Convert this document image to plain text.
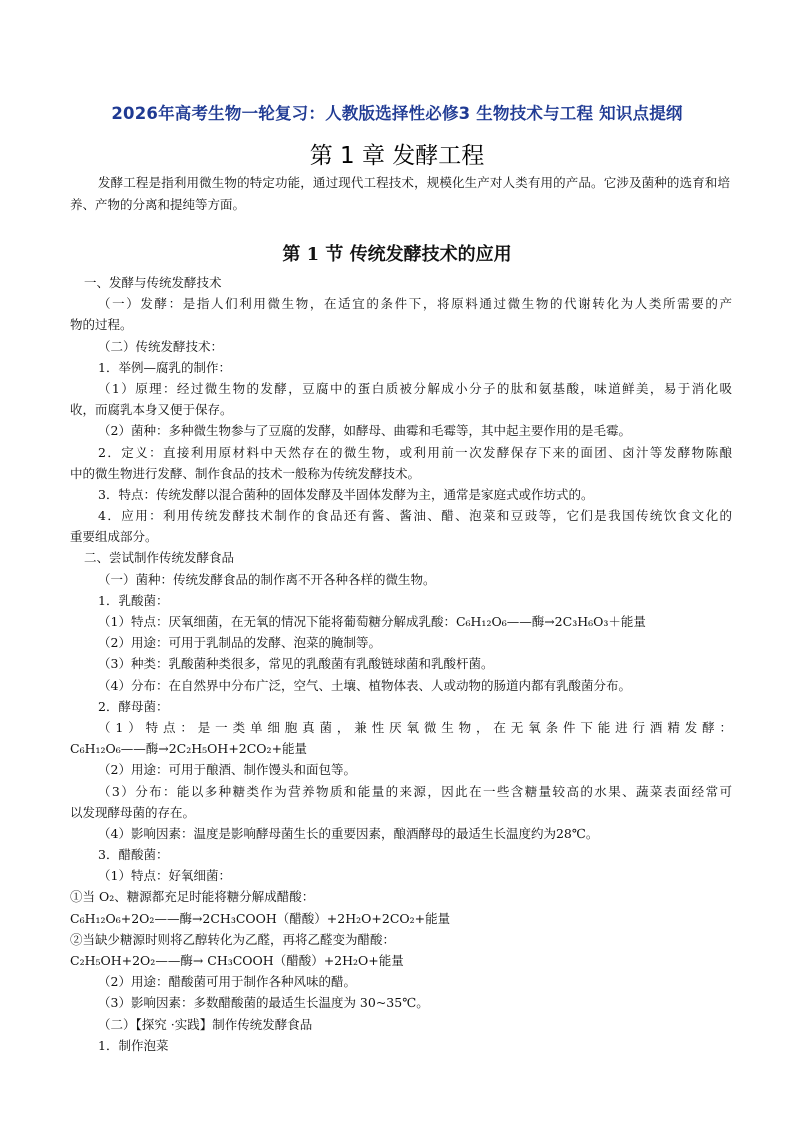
2026年高考生物一轮复习：人教版选择性必修3 生物技术与工程 知识点提纲
第 1 章 发酵工程

发酵工程是指利用微生物的特定功能，通过现代工程技术，规模化生产对人类有用的产品。它涉及菌种的选育和培养、产物的分离和提纯等方面。

第 1 节 传统发酵技术的应用
一、发酵与传统发酵技术
（一）发酵：是指人们利用微生物，在适宜的条件下，将原料通过微生物的代谢转化为人类所需要的产
物的过程。
（二）传统发酵技术：
1．举例—腐乳的制作：
（1）原理：经过微生物的发酵，豆腐中的蛋白质被分解成小分子的肽和氨基酸，味道鲜美，易于消化吸
收，而腐乳本身又便于保存。
（2）菌种：多种微生物参与了豆腐的发酵，如酵母、曲霉和毛霉等，其中起主要作用的是毛霉。
2．定义：直接利用原材料中天然存在的微生物，或利用前一次发酵保存下来的面团、卤汁等发酵物陈酿
中的微生物进行发酵、制作食品的技术一般称为传统发酵技术。
3．特点：传统发酵以混合菌种的固体发酵及半固体发酵为主，通常是家庭式或作坊式的。
4．应用：利用传统发酵技术制作的食品还有酱、酱油、醋、泡菜和豆豉等，它们是我国传统饮食文化的
重要组成部分。
二、尝试制作传统发酵食品
（一）菌种：传统发酵食品的制作离不开各种各样的微生物。
1．乳酸菌：
（1）特点：厌氧细菌，在无氧的情况下能将葡萄糖分解成乳酸：C₆H₁₂O₆——酶→2C₃H₆O₃＋能量
（2）用途：可用于乳制品的发酵、泡菜的腌制等。
（3）种类：乳酸菌种类很多，常见的乳酸菌有乳酸链球菌和乳酸杆菌。
（4）分布：在自然界中分布广泛，空气、土壤、植物体表、人或动物的肠道内都有乳酸菌分布。
2．酵母菌：
（1）特点：是一类单细胞真菌，兼性厌氧微生物，在无氧条件下能进行酒精发酵：
C₆H₁₂O₆——酶→2C₂H₅OH+2CO₂+能量
（2）用途：可用于酿酒、制作馒头和面包等。
（3）分布：能以多种糖类作为营养物质和能量的来源，因此在一些含糖量较高的水果、蔬菜表面经常可
以发现酵母菌的存在。
（4）影响因素：温度是影响酵母菌生长的重要因素，酿酒酵母的最适生长温度约为28℃。
3．醋酸菌：
（1）特点：好氧细菌：
①当 O₂、糖源都充足时能将糖分解成醋酸：
C₆H₁₂O₆+2O₂——酶→2CH₃COOH（醋酸）+2H₂O+2CO₂+能量
②当缺少糖源时则将乙醇转化为乙醛，再将乙醛变为醋酸：
C₂H₅OH+2O₂——酶→ CH₃COOH（醋酸）+2H₂O+能量
（2）用途：醋酸菌可用于制作各种风味的醋。
（3）影响因素：多数醋酸菌的最适生长温度为 30~35℃。
（二）【探究 ·实践】制作传统发酵食品
1．制作泡菜
